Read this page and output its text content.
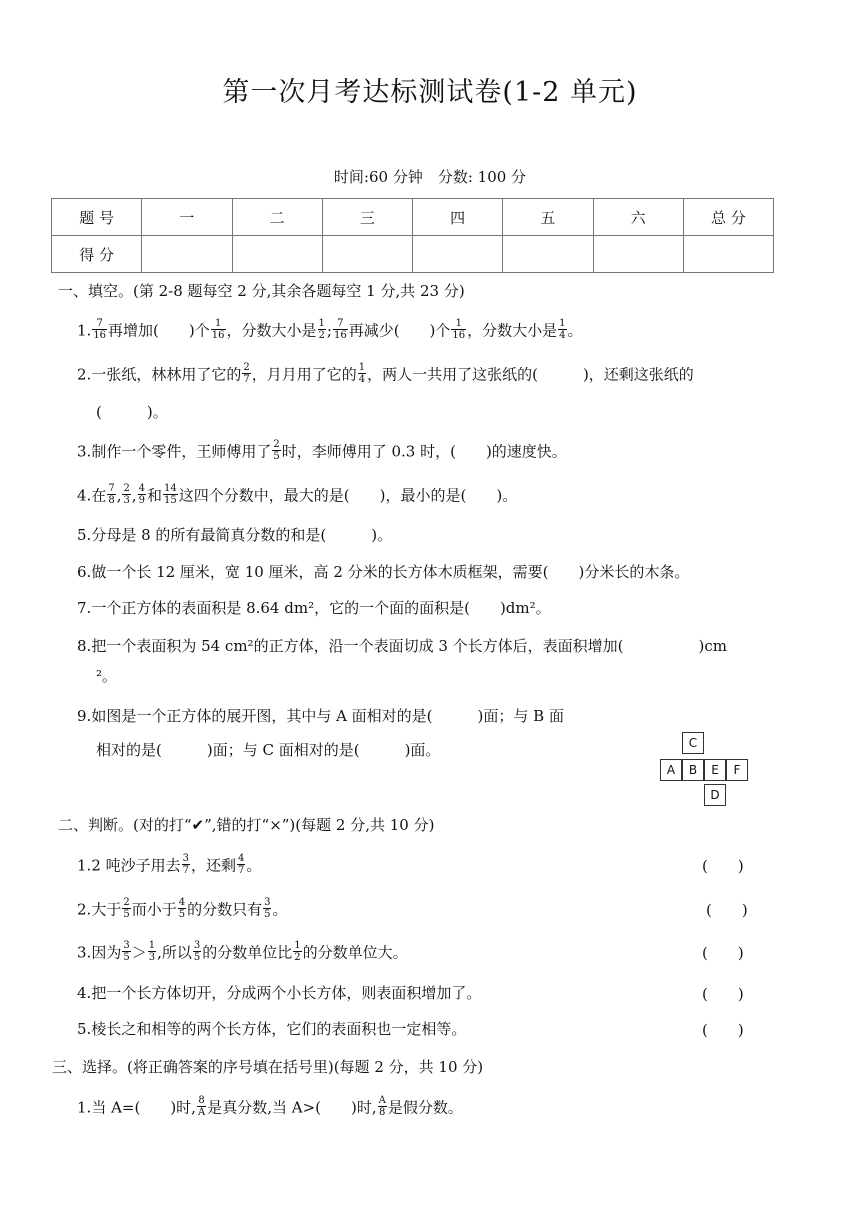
第一次月考达标测试卷(1-2 单元)
时间:60 分钟　分数: 100 分
题 号	一	二	三	四	五	六	总 分
得 分							
一、填空。(第 2-8 题每空 2 分,其余各题每空 1 分,共 23 分)
1. $\frac{7}{16}$ 再增加(　　)个 $\frac{1}{16}$ ，分数大小是 $\frac{1}{2}$ ; $\frac{7}{16}$ 再减少(　　)个 $\frac{1}{16}$ ，分数大小是 $\frac{1}{4}$ 。
2.一张纸，林林用了它的 $\frac{2}{7}$ ，月月用了它的 $\frac{1}{4}$ ，两人一共用了这张纸的(　　　)，还剩这张纸的
(　　　)。
3.制作一个零件，王师傅用了 $\frac{2}{5}$ 时，李师傅用了 0.3 时，(　　)的速度快。
4.在 $\frac{7}{8}$ , $\frac{2}{3}$ , $\frac{4}{9}$ 和 $\frac{14}{15}$ 这四个分数中，最大的是(　　)，最小的是(　　)。
5.分母是 8 的所有最简真分数的和是(　　　)。
6.做一个长 12 厘米，宽 10 厘米，高 2 分米的长方体木质框架，需要(　　)分米长的木条。
7.一个正方体的表面积是 8.64 dm²，它的一个面的面积是(　　)dm²。
8.把一个表面积为 54 cm²的正方体，沿一个表面切成 3 个长方体后，表面积增加(　　　　　)cm
²。
9.如图是一个正方体的展开图，其中与 A 面相对的是(　　　)面；与 B 面
相对的是(　　　)面；与 C 面相对的是(　　　)面。	C
A	B	E	F
D
二、判断。(对的打“✔”,错的打“×”)(每题 2 分,共 10 分)
1.2 吨沙子用去 $\frac{3}{7}$ ，还剩 $\frac{4}{7}$ 。	(　　)
2.大于 $\frac{2}{5}$ 而小于 $\frac{4}{5}$ 的分数只有 $\frac{3}{5}$ 。	(　　)
3.因为 $\frac{3}{5} > \frac{1}{3}$ ,所以 $\frac{3}{5}$ 的分数单位比 $\frac{1}{2}$ 的分数单位大。	(　　)
4.把一个长方体切开，分成两个小长方体，则表面积增加了。	(　　)
5.棱长之和相等的两个长方体，它们的表面积也一定相等。	(　　)
三、选择。(将正确答案的序号填在括号里)(每题 2 分，共 10 分)
1.当 A=(　　)时, $\frac{8}{A}$ 是真分数,当 A>(　　)时, $\frac{A}{8}$ 是假分数。
